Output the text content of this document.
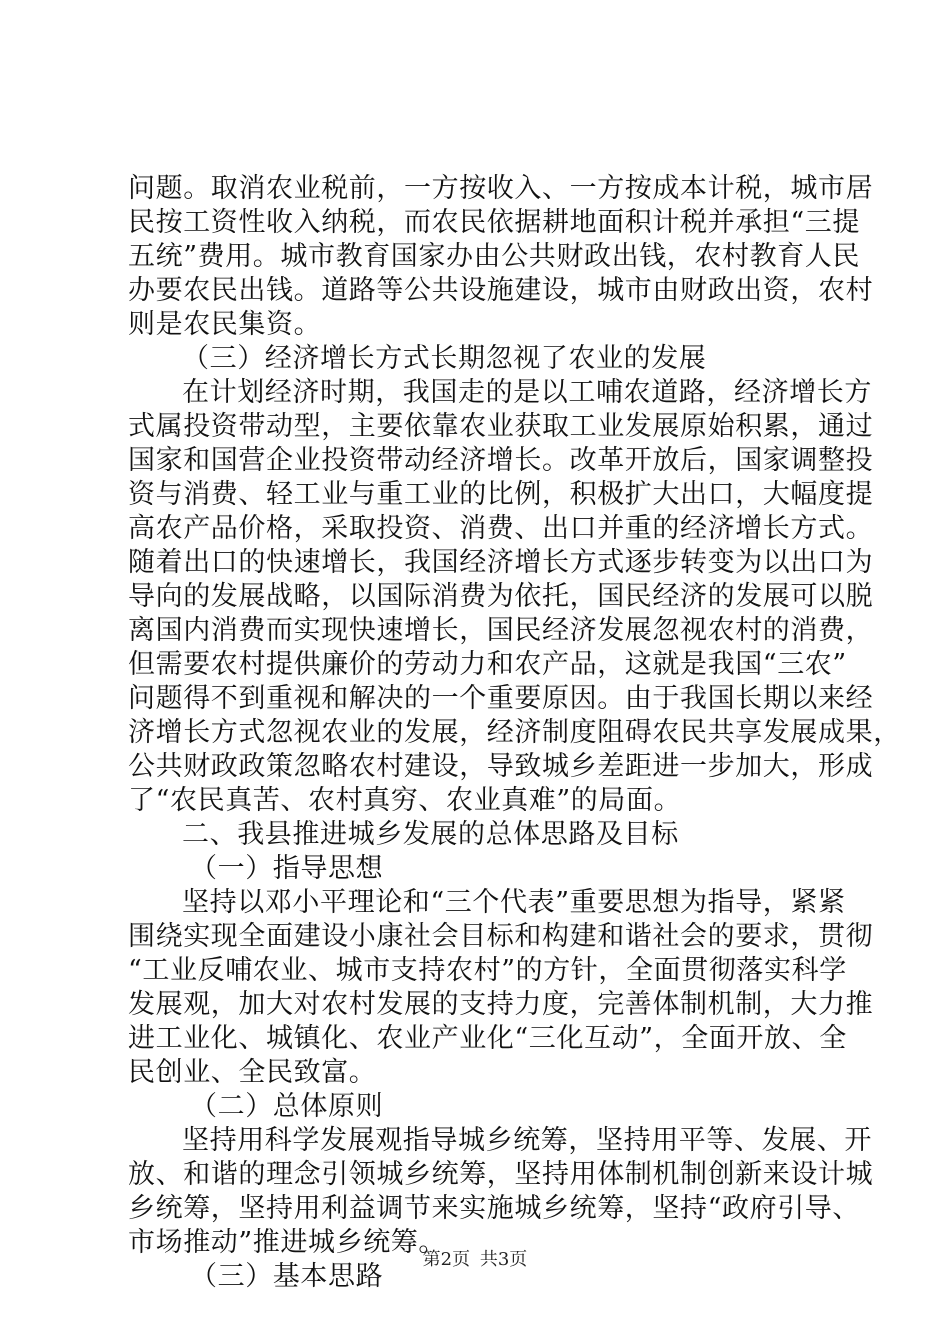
问题。取消农业税前，一方按收入、一方按成本计税，城市居
民按工资性收入纳税，而农民依据耕地面积计税并承担“三提
五统”费用。城市教育国家办由公共财政出钱，农村教育人民
办要农民出钱。道路等公共设施建设，城市由财政出资，农村
则是农民集资。
（三）经济增长方式长期忽视了农业的发展
在计划经济时期，我国走的是以工哺农道路，经济增长方
式属投资带动型，主要依靠农业获取工业发展原始积累，通过
国家和国营企业投资带动经济增长。改革开放后，国家调整投
资与消费、轻工业与重工业的比例，积极扩大出口，大幅度提
高农产品价格，采取投资、消费、出口并重的经济增长方式。
随着出口的快速增长，我国经济增长方式逐步转变为以出口为
导向的发展战略，以国际消费为依托，国民经济的发展可以脱
离国内消费而实现快速增长，国民经济发展忽视农村的消费，
但需要农村提供廉价的劳动力和农产品，这就是我国“三农”
问题得不到重视和解决的一个重要原因。由于我国长期以来经
济增长方式忽视农业的发展，经济制度阻碍农民共享发展成果，
公共财政政策忽略农村建设，导致城乡差距进一步加大，形成
了“农民真苦、农村真穷、农业真难”的局面。
二、我县推进城乡发展的总体思路及目标
（一）指导思想
坚持以邓小平理论和“三个代表”重要思想为指导，紧紧
围绕实现全面建设小康社会目标和构建和谐社会的要求，贯彻
“工业反哺农业、城市支持农村”的方针，全面贯彻落实科学
发展观，加大对农村发展的支持力度，完善体制机制，大力推
进工业化、城镇化、农业产业化“三化互动”，全面开放、全
民创业、全民致富。
（二）总体原则
坚持用科学发展观指导城乡统筹，坚持用平等、发展、开
放、和谐的理念引领城乡统筹，坚持用体制机制创新来设计城
乡统筹，坚持用利益调节来实施城乡统筹，坚持“政府引导、
市场推动”推进城乡统筹。
（三）基本思路
第2页 共3页
